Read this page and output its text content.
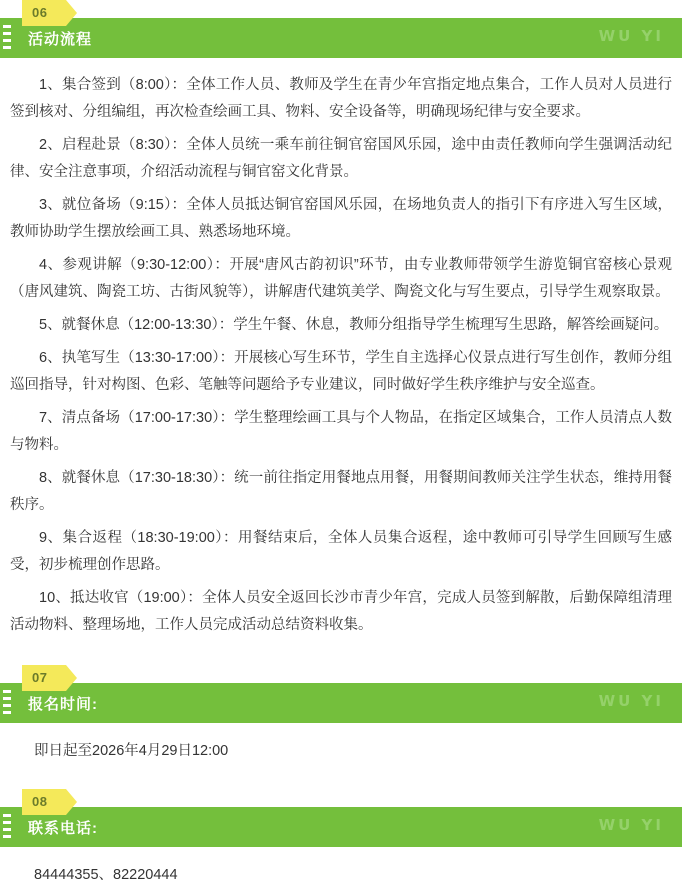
活动流程	WU YI
06

1、集合签到（8:00）：全体工作人员、教师及学生在青少年宫指定地点集合，工作人员对人员进行签到核对、分组编组，再次检查绘画工具、物料、安全设备等，明确现场纪律与安全要求。

2、启程赴景（8:30）：全体人员统一乘车前往铜官窑国风乐园，途中由责任教师向学生强调活动纪律、安全注意事项，介绍活动流程与铜官窑文化背景。

3、就位备场（9:15）：全体人员抵达铜官窑国风乐园，在场地负责人的指引下有序进入写生区域，教师协助学生摆放绘画工具、熟悉场地环境。

4、参观讲解（9:30-12:00）：开展“唐风古韵初识”环节，由专业教师带领学生游览铜官窑核心景观（唐风建筑、陶瓷工坊、古街风貌等），讲解唐代建筑美学、陶瓷文化与写生要点，引导学生观察取景。

5、就餐休息（12:00-13:30）：学生午餐、休息，教师分组指导学生梳理写生思路，解答绘画疑问。

6、执笔写生（13:30-17:00）：开展核心写生环节，学生自主选择心仪景点进行写生创作，教师分组巡回指导，针对构图、色彩、笔触等问题给予专业建议，同时做好学生秩序维护与安全巡查。

7、清点备场（17:00-17:30）：学生整理绘画工具与个人物品，在指定区域集合，工作人员清点人数与物料。

8、就餐休息（17:30-18:30）：统一前往指定用餐地点用餐，用餐期间教师关注学生状态，维持用餐秩序。

9、集合返程（18:30-19:00）：用餐结束后，全体人员集合返程，途中教师可引导学生回顾写生感受，初步梳理创作思路。

10、抵达收官（19:00）：全体人员安全返回长沙市青少年宫，完成人员签到解散，后勤保障组清理活动物料、整理场地，工作人员完成活动总结资料收集。

报名时间:	WU YI
07

即日起至2026年4月29日12:00

联系电话:	WU YI
08

84444355、82220444
